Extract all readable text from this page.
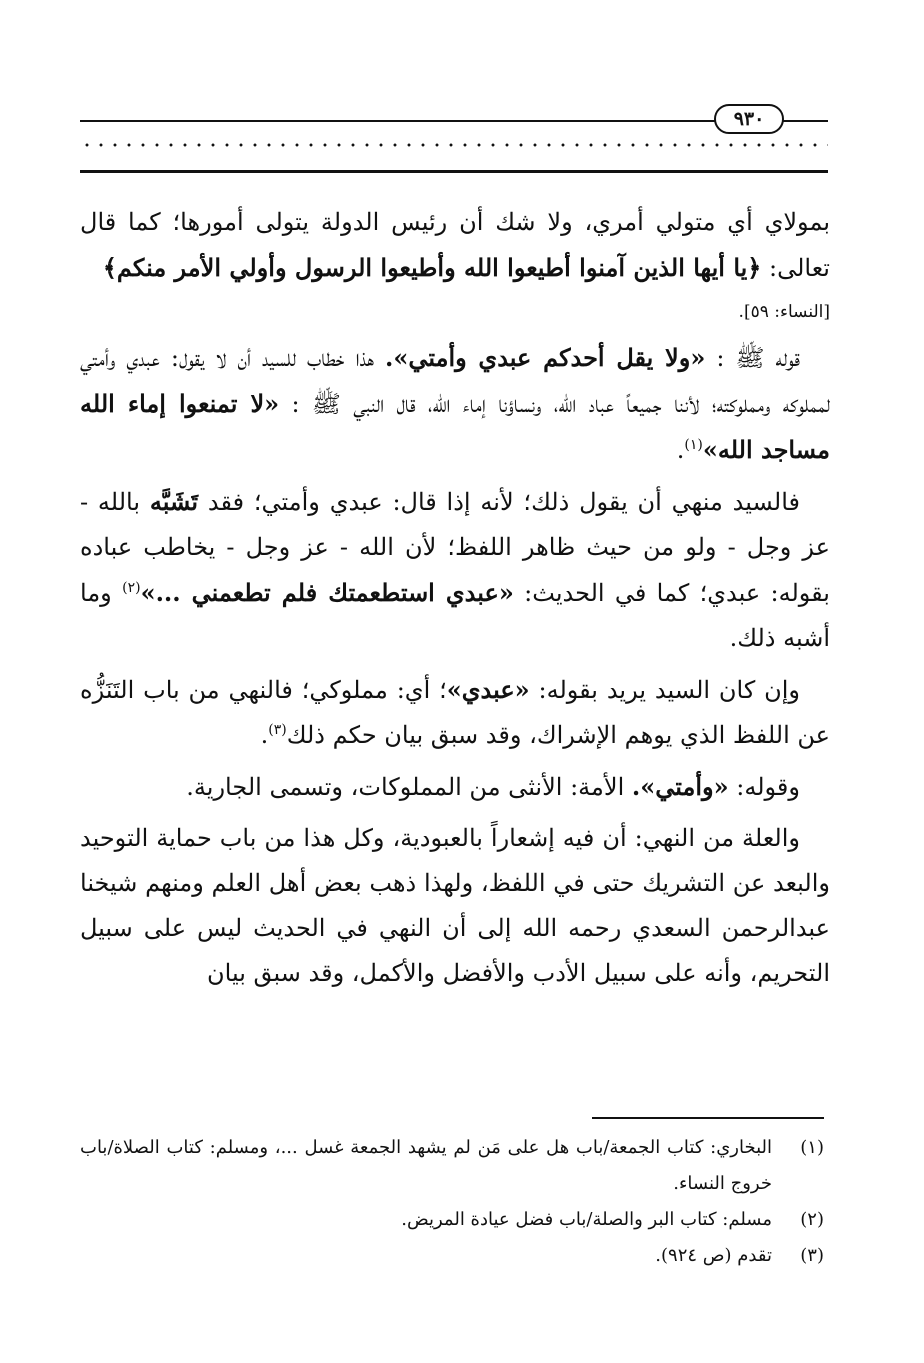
٩٣٠

بمولاي أي متولي أمري، ولا شك أن رئيس الدولة يتولى أمورها؛ كما قال تعالى: ﴿يا أيها الذين آمنوا أطيعوا الله وأطيعوا الرسول وأولي الأمر منكم﴾

[النساء: ٥٩].

قوله ﷺ : «ولا يقل أحدكم عبدي وأمتي». هذا خطاب للسيد أن لا يقول: عبدي وأمتي لمملوكه ومملوكته؛ لأننا جميعاً عباد الله، ونساؤنا إماء الله، قال النبي ﷺ : «لا تمنعوا إماء الله مساجد الله»$^{(١)}$.

فالسيد منهي أن يقول ذلك؛ لأنه إذا قال: عبدي وأمتي؛ فقد تَشَبَّه بالله - عز وجل - ولو من حيث ظاهر اللفظ؛ لأن الله - عز وجل - يخاطب عباده بقوله: عبدي؛ كما في الحديث: «عبدي استطعمتك فلم تطعمني ...»$^{(٢)}$ وما أشبه ذلك.

وإن كان السيد يريد بقوله: «عبدي»؛ أي: مملوكي؛ فالنهي من باب التَنَزُّه عن اللفظ الذي يوهم الإشراك، وقد سبق بيان حكم ذلك$^{(٣)}$.

وقوله: «وأمتي». الأمة: الأنثى من المملوكات، وتسمى الجارية.

والعلة من النهي: أن فيه إشعاراً بالعبودية، وكل هذا من باب حماية التوحيد والبعد عن التشريك حتى في اللفظ، ولهذا ذهب بعض أهل العلم ومنهم شيخنا عبدالرحمن السعدي رحمه الله إلى أن النهي في الحديث ليس على سبيل التحريم، وأنه على سبيل الأدب والأفضل والأكمل، وقد سبق بيان

(١)
البخاري: كتاب الجمعة/باب هل على مَن لم يشهد الجمعة غسل ...، ومسلم: كتاب الصلاة/باب خروج النساء.
(٢)
مسلم: كتاب البر والصلة/باب فضل عيادة المريض.
(٣)
تقدم (ص ٩٢٤).
